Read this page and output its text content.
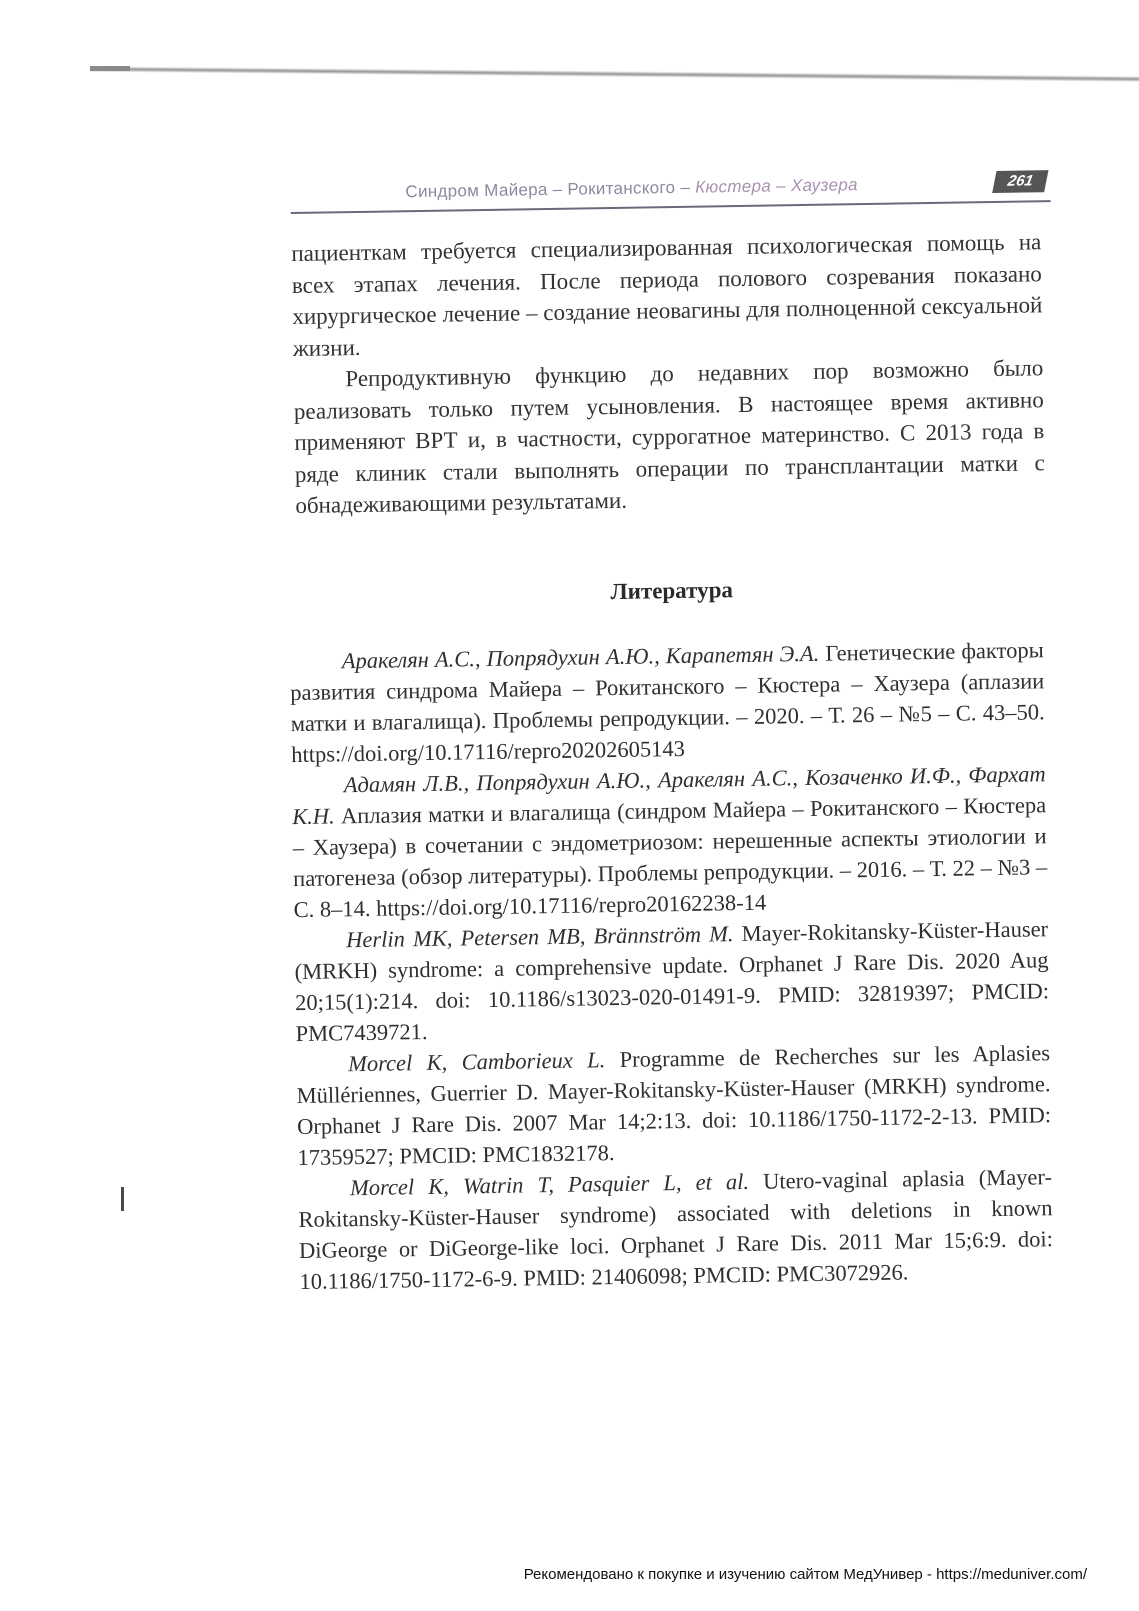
Синдром Майера – Рокитанского – Кюстера – Хаузера	261

пациенткам требуется специализированная психологическая помощь на всех этапах лечения. После периода полового созревания показано хирургическое лечение – создание неовагины для полноценной сексуальной жизни.

Репродуктивную функцию до недавних пор возможно было реализовать только путем усыновления. В настоящее время активно применяют ВРТ и, в частности, суррогатное материнство. С 2013 года в ряде клиник стали выполнять операции по трансплантации матки с обнадеживающими результатами.

Литература

Аракелян А.С., Попрядухин А.Ю., Карапетян Э.А. Генетические факторы развития синдрома Майера – Рокитанского – Кюстера – Хаузера (аплазии матки и влагалища). Проблемы репродукции. – 2020. – Т. 26 – №5 – С. 43–50. https://doi.org/10.17116/repro20202605143

Адамян Л.В., Попрядухин А.Ю., Аракелян А.С., Козаченко И.Ф., Фархат К.Н. Аплазия матки и влагалища (синдром Майера – Рокитанского – Кюстера – Хаузера) в сочетании с эндометриозом: нерешенные аспекты этиологии и патогенеза (обзор литературы). Проблемы репродукции. – 2016. – Т. 22 – №3 – С. 8–14. https://doi.org/10.17116/repro20162238-14

Herlin MK, Petersen MB, Brännström M. Mayer-Rokitansky-Küster-Hauser (MRKH) syndrome: a comprehensive update. Orphanet J Rare Dis. 2020 Aug 20;15(1):214. doi: 10.1186/s13023-020-01491-9. PMID: 32819397; PMCID: PMC7439721.

Morcel K, Camborieux L. Programme de Recherches sur les Aplasies Müllériennes, Guerrier D. Mayer-Rokitansky-Küster-Hauser (MRKH) syndrome. Orphanet J Rare Dis. 2007 Mar 14;2:13. doi: 10.1186/1750-1172-2-13. PMID: 17359527; PMCID: PMC1832178.

Morcel K, Watrin T, Pasquier L, et al. Utero-vaginal aplasia (Mayer-Rokitansky-Küster-Hauser syndrome) associated with deletions in known DiGeorge or DiGeorge-like loci. Orphanet J Rare Dis. 2011 Mar 15;6:9. doi: 10.1186/1750-1172-6-9. PMID: 21406098; PMCID: PMC3072926.

Рекомендовано к покупке и изучению сайтом МедУнивер - https://meduniver.com/
